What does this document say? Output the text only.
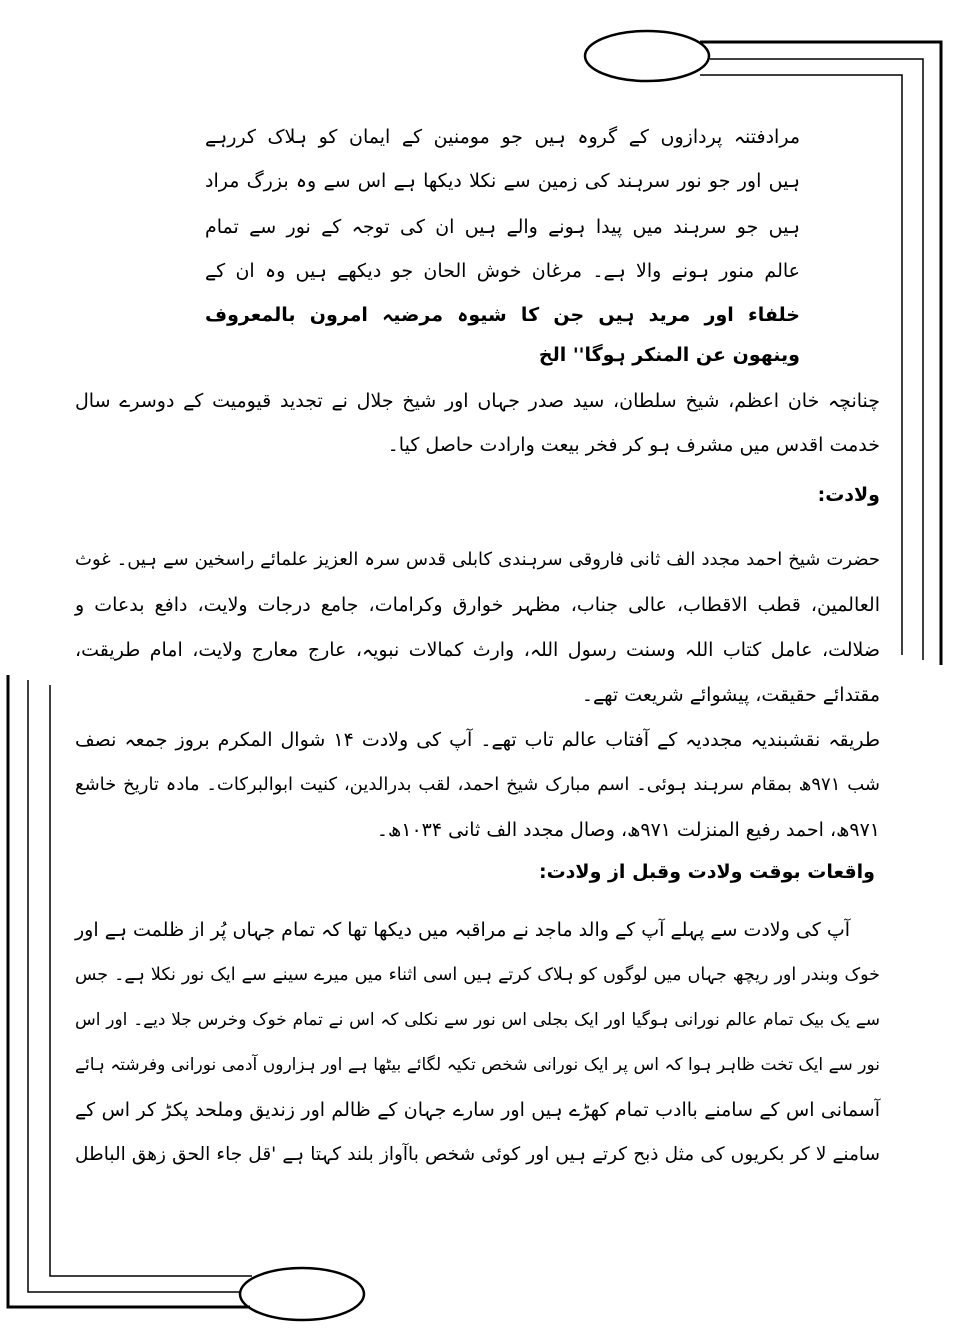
مرادفتنہ پردازوں کے گروہ ہیں جو مومنین کے ایمان کو ہلاک کررہے
ہیں اور جو نور سرہند کی زمین سے نکلا دیکھا ہے اس سے وہ بزرگ مراد
ہیں جو سرہند میں پیدا ہونے والے ہیں ان کی توجہ کے نور سے تمام
عالم منور ہونے والا ہے۔ مرغان خوش الحان جو دیکھے ہیں وہ ان کے
خلفاء اور مرید ہیں جن کا شیوہ مرضیہ امرون بالمعروف
وینھون عن المنکر ہوگا'' الخ
چنانچہ خان اعظم، شیخ سلطان، سید صدر جہاں اور شیخ جلال نے تجدید قیومیت کے دوسرے سال
خدمت اقدس میں مشرف ہو کر فخر بیعت وارادت حاصل کیا۔
ولادت:
حضرت شیخ احمد مجدد الف ثانی فاروقی سرہندی کابلی قدس سرہ العزیز علمائے راسخین سے ہیں۔ غوث
العالمین، قطب الاقطاب، عالی جناب، مظہر خوارق وکرامات، جامع درجات ولایت، دافع بدعات و
ضلالت، عامل کتاب اللہ وسنت رسول اللہ، وارث کمالات نبویہ، عارج معارج ولایت، امام طریقت،
مقتدائے حقیقت، پیشوائے شریعت تھے۔
طریقہ نقشبندیہ مجددیہ کے آفتاب عالم تاب تھے۔ آپ کی ولادت ۱۴ شوال المکرم بروز جمعہ نصف
شب ۹۷۱ھ بمقام سرہند ہوئی۔ اسم مبارک شیخ احمد، لقب بدرالدین، کنیت ابوالبرکات۔ مادہ تاریخ خاشع
۹۷۱ھ، احمد رفیع المنزلت ۹۷۱ھ، وصال مجدد الف ثانی ۱۰۳۴ھ۔
واقعات بوقت ولادت وقبل از ولادت:
آپ کی ولادت سے پہلے آپ کے والد ماجد نے مراقبہ میں دیکھا تھا کہ تمام جہاں پُر از ظلمت ہے اور
خوک وبندر اور ریچھ جہاں میں لوگوں کو ہلاک کرتے ہیں اسی اثناء میں میرے سینے سے ایک نور نکلا ہے۔ جس
سے یک بیک تمام عالم نورانی ہوگیا اور ایک بجلی اس نور سے نکلی کہ اس نے تمام خوک وخرس جلا دیے۔ اور اس
نور سے ایک تخت ظاہر ہوا کہ اس پر ایک نورانی شخص تکیہ لگائے بیٹھا ہے اور ہزاروں آدمی نورانی وفرشتہ ہائے
آسمانی اس کے سامنے باادب تمام کھڑے ہیں اور سارے جہان کے ظالم اور زندیق وملحد پکڑ کر اس کے
سامنے لا کر بکریوں کی مثل ذبح کرتے ہیں اور کوئی شخص باآواز بلند کہتا ہے 'قل جاء الحق زھق الباطل
